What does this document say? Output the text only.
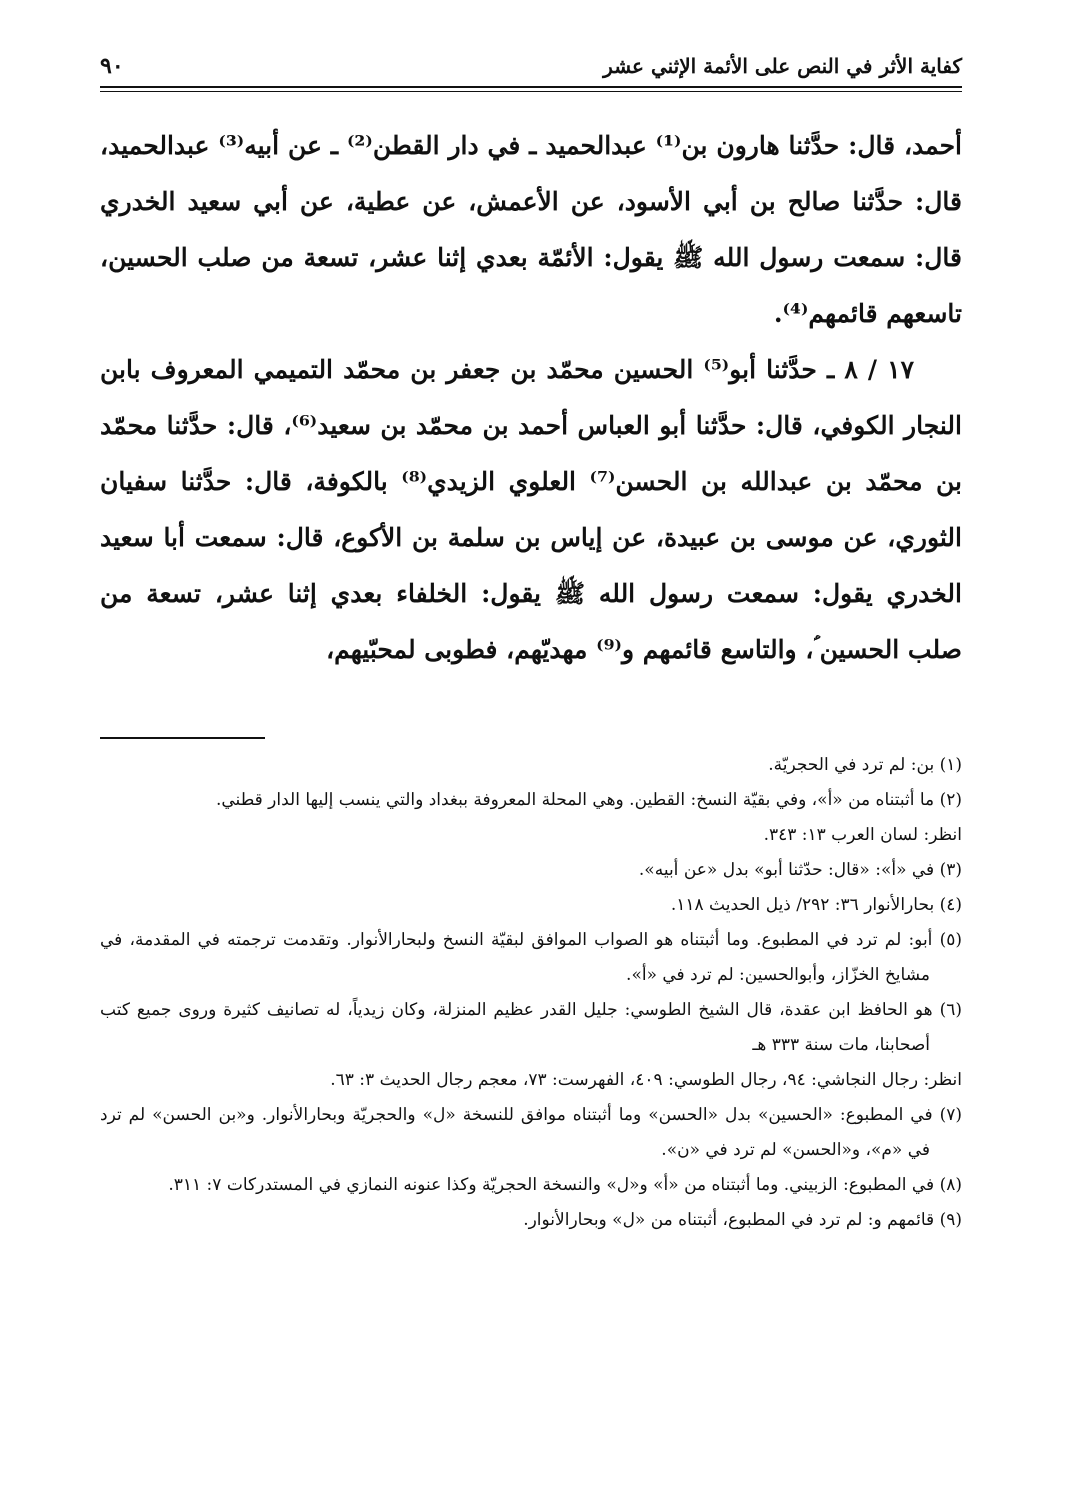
٩٠	كفاية الأثر في النص على الأئمة الإثني عشر

أحمد، قال: حدَّثنا هارون بن⁽¹⁾ عبدالحميد ـ في دار القطن⁽²⁾ ـ عن أبيه⁽³⁾ عبدالحميد، قال: حدَّثنا صالح بن أبي الأسود، عن الأعمش، عن عطية، عن أبي سعيد الخدري قال: سمعت رسول الله ﷺ يقول: الأئمّة بعدي إثنا عشر، تسعة من صلب الحسين، تاسعهم قائمهم⁽⁴⁾.

١٧ / ٨ ـ حدَّثنا أبو⁽⁵⁾ الحسين محمّد بن جعفر بن محمّد التميمي المعروف بابن النجار الكوفي، قال: حدَّثنا أبو العباس أحمد بن محمّد بن سعيد⁽⁶⁾، قال: حدَّثنا محمّد بن محمّد بن عبدالله بن الحسن⁽⁷⁾ العلوي الزيدي⁽⁸⁾ بالكوفة، قال: حدَّثنا سفيان الثوري، عن موسى بن عبيدة، عن إياس بن سلمة بن الأكوع، قال: سمعت أبا سعيد الخدري يقول: سمعت رسول الله ﷺ يقول: الخلفاء بعدي إثنا عشر، تسعة من صلب الحسين ؑ، والتاسع قائمهم و⁽⁹⁾ مهديّهم، فطوبى لمحبّيهم،

(١) بن: لم ترد في الحجريّة.

(٢) ما أثبتناه من «أ»، وفي بقيّة النسخ: القطين. وهي المحلة المعروفة ببغداد والتي ينسب إليها الدار قطني.

انظر: لسان العرب ١٣: ٣٤٣.

(٣) في «أ»: «قال: حدّثنا أبو» بدل «عن أبيه».

(٤) بحارالأنوار ٣٦: ٢٩٢/ ذيل الحديث ١١٨.

(٥) أبو: لم ترد في المطبوع. وما أثبتناه هو الصواب الموافق لبقيّة النسخ ولبحارالأنوار. وتقدمت ترجمته في المقدمة، في مشايخ الخزّاز، وأبوالحسين: لم ترد في «أ».

(٦) هو الحافظ ابن عقدة، قال الشيخ الطوسي: جليل القدر عظيم المنزلة، وكان زيدياً، له تصانيف كثيرة وروى جميع كتب أصحابنا، مات سنة ٣٣٣ هـ

انظر: رجال النجاشي: ٩٤، رجال الطوسي: ٤٠٩، الفهرست: ٧٣، معجم رجال الحديث ٣: ٦٣.

(٧) في المطبوع: «الحسين» بدل «الحسن» وما أثبتناه موافق للنسخة «ل» والحجريّة وبحارالأنوار. و«بن الحسن» لم ترد في «م»، و«الحسن» لم ترد في «ن».

(٨) في المطبوع: الزبيني. وما أثبتناه من «أ» و«ل» والنسخة الحجريّة وكذا عنونه النمازي في المستدركات ٧: ٣١١.

(٩) قائمهم و: لم ترد في المطبوع، أثبتناه من «ل» وبحارالأنوار.
